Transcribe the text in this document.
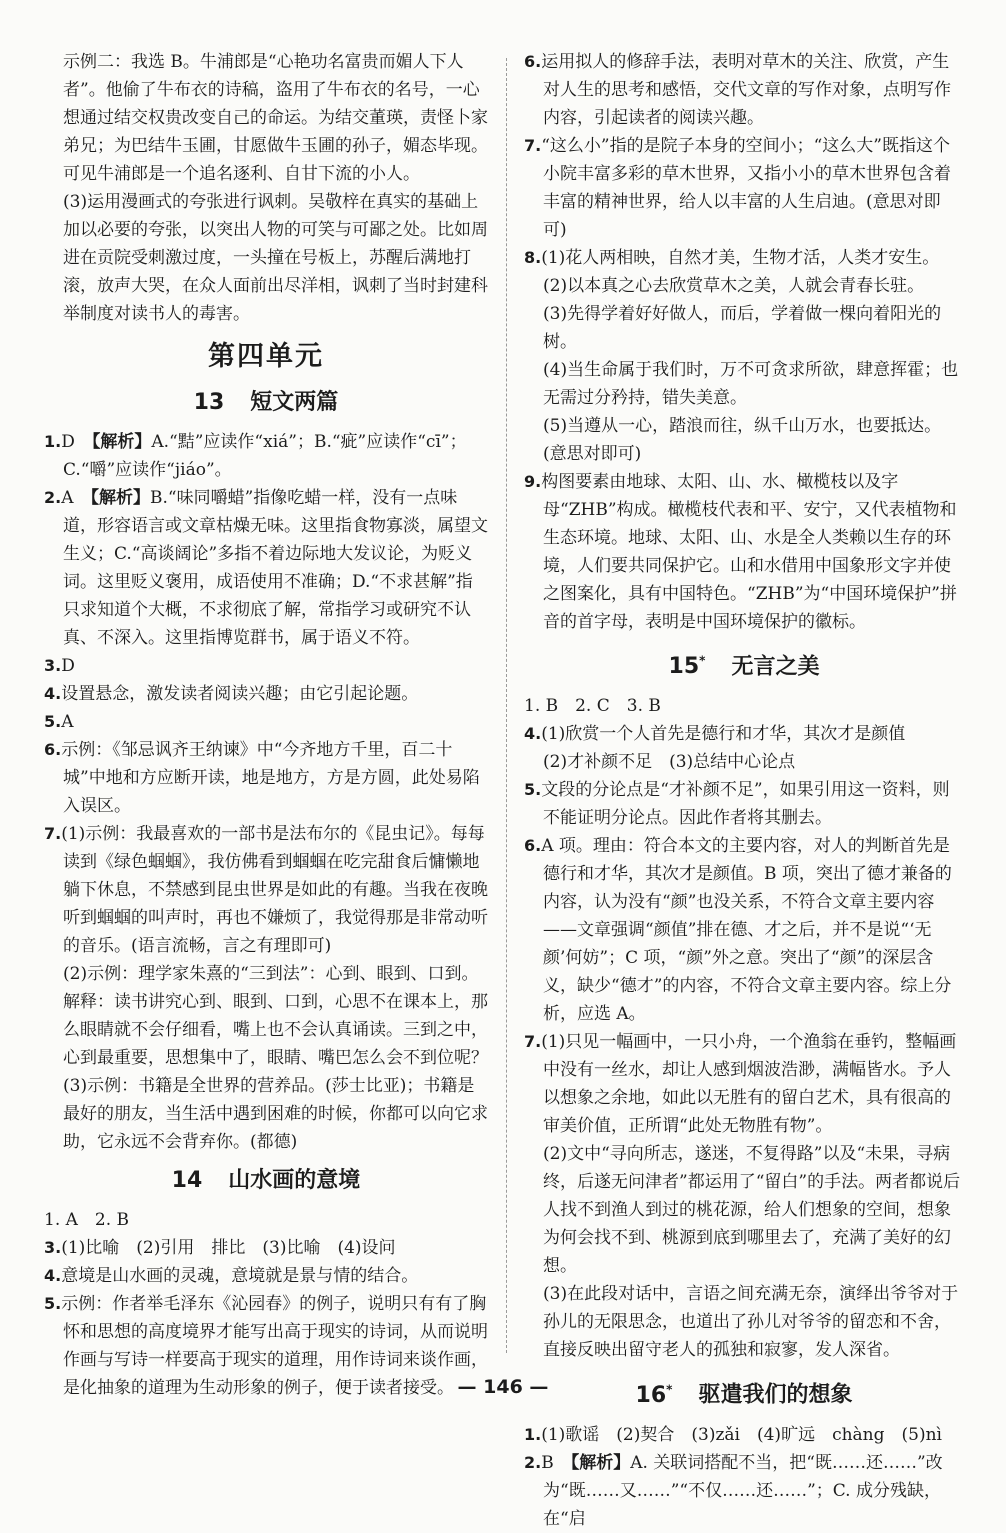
示例二：我选 B。牛浦郎是“心艳功名富贵而媚人下人者”。他偷了牛布衣的诗稿，盗用了牛布衣的名号，一心想通过结交权贵改变自己的命运。为结交董瑛，责怪卜家弟兄；为巴结牛玉圃，甘愿做牛玉圃的孙子，媚态毕现。可见牛浦郎是一个追名逐利、自甘下流的小人。

(3)运用漫画式的夸张进行讽刺。吴敬梓在真实的基础上加以必要的夸张，以突出人物的可笑与可鄙之处。比如周进在贡院受刺激过度，一头撞在号板上，苏醒后满地打滚，放声大哭，在众人面前出尽洋相，讽刺了当时封建科举制度对读书人的毒害。

第四单元
13 短文两篇

1.D　 【解析】A.“黠”应读作“xiá”；B.“疵”应读作“cī”；C.“嚼”应读作“jiáo”。

2.A　 【解析】B.“味同嚼蜡”指像吃蜡一样，没有一点味道，形容语言或文章枯燥无味。这里指食物寡淡，属望文生义；C.“高谈阔论”多指不着边际地大发议论，为贬义词。这里贬义褒用，成语使用不准确；D.“不求甚解”指只求知道个大概，不求彻底了解，常指学习或研究不认真、不深入。这里指博览群书，属于语义不符。

3.D

4.设置悬念，激发读者阅读兴趣；由它引起论题。

5.A

6.示例：《邹忌讽齐王纳谏》中“今齐地方千里，百二十城”中地和方应断开读，地是地方，方是方圆，此处易陷入误区。

7.(1)示例：我最喜欢的一部书是法布尔的《昆虫记》。每每读到《绿色蝈蝈》，我仿佛看到蝈蝈在吃完甜食后慵懒地躺下休息，不禁感到昆虫世界是如此的有趣。当我在夜晚听到蝈蝈的叫声时，再也不嫌烦了，我觉得那是非常动听的音乐。(语言流畅，言之有理即可)

(2)示例：理学家朱熹的“三到法”：心到、眼到、口到。解释：读书讲究心到、眼到、口到，心思不在课本上，那么眼睛就不会仔细看，嘴上也不会认真诵读。三到之中，心到最重要，思想集中了，眼睛、嘴巴怎么会不到位呢？

(3)示例：书籍是全世界的营养品。(莎士比亚)；书籍是最好的朋友，当生活中遇到困难的时候，你都可以向它求助，它永远不会背弃你。(都德)

14 山水画的意境

1. A　2. B

3.(1)比喻　(2)引用　排比　(3)比喻　(4)设问

4.意境是山水画的灵魂，意境就是景与情的结合。

5.示例：作者举毛泽东《沁园春》的例子，说明只有有了胸怀和思想的高度境界才能写出高于现实的诗词，从而说明作画与写诗一样要高于现实的道理，用作诗词来谈作画，是化抽象的道理为生动形象的例子，便于读者接受。

6.运用拟人的修辞手法，表明对草木的关注、欣赏，产生对人生的思考和感悟，交代文章的写作对象，点明写作内容，引起读者的阅读兴趣。

7.“这么小”指的是院子本身的空间小；“这么大”既指这个小院丰富多彩的草木世界，又指小小的草木世界包含着丰富的精神世界，给人以丰富的人生启迪。(意思对即可)

8.(1)花人两相映，自然才美，生物才活，人类才安生。

(2)以本真之心去欣赏草木之美，人就会青春长驻。

(3)先得学着好好做人，而后，学着做一棵向着阳光的树。

(4)当生命属于我们时，万不可贪求所欲，肆意挥霍；也无需过分矜持，错失美意。

(5)当遵从一心，踏浪而往，纵千山万水，也要抵达。(意思对即可)

9.构图要素由地球、太阳、山、水、橄榄枝以及字母“ZHB”构成。橄榄枝代表和平、安宁，又代表植物和生态环境。地球、太阳、山、水是全人类赖以生存的环境，人们要共同保护它。山和水借用中国象形文字并使之图案化，具有中国特色。“ZHB”为“中国环境保护”拼音的首字母，表明是中国环境保护的徽标。

15* 无言之美

1. B　2. C　3. B

4.(1)欣赏一个人首先是德行和才华，其次才是颜值

(2)才补颜不足　(3)总结中心论点

5.文段的分论点是“才补颜不足”，如果引用这一资料，则不能证明分论点。因此作者将其删去。

6.A 项。理由：符合本文的主要内容，对人的判断首先是德行和才华，其次才是颜值。B 项，突出了德才兼备的内容，认为没有“颜”也没关系，不符合文章主要内容——文章强调“颜值”排在德、才之后，并不是说“‘无颜’何妨”；C 项，“颜”外之意。突出了“颜”的深层含义，缺少“德才”的内容，不符合文章主要内容。综上分析，应选 A。

7.(1)只见一幅画中，一只小舟，一个渔翁在垂钓，整幅画中没有一丝水，却让人感到烟波浩渺，满幅皆水。予人以想象之余地，如此以无胜有的留白艺术，具有很高的审美价值，正所谓“此处无物胜有物”。

(2)文中“寻向所志，遂迷，不复得路”以及“未果，寻病终，后遂无问津者”都运用了“留白”的手法。两者都说后人找不到渔人到过的桃花源，给人们想象的空间，想象为何会找不到、桃源到底到哪里去了，充满了美好的幻想。

(3)在此段对话中，言语之间充满无奈，演绎出爷爷对于孙儿的无限思念，也道出了孙儿对爷爷的留恋和不舍，直接反映出留守老人的孤独和寂寥，发人深省。

16* 驱遣我们的想象

1.(1)歌谣　(2)契合　(3)zǎi　(4)旷远　chàng　(5)nì

2.B　 【解析】A. 关联词搭配不当，把“既……还……”改为“既……又……”“不仅……还……”；C. 成分残缺，在“启

— 146 —
